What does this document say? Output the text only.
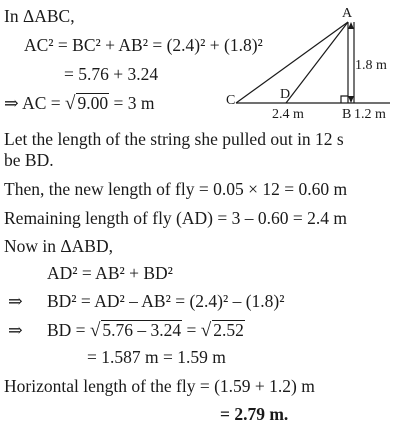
In ΔABC,
AC² = BC² + AB² = (2.4)² + (1.8)²
= 5.76 + 3.24
⇒ AC = √ 9.00 = 3 m
Let the length of the string she pulled out in 12 s
be BD.
Then, the new length of fly = 0.05 × 12 = 0.60 m
Remaining length of fly (AD) = 3 – 0.60 = 2.4 m
Now in ΔABD,
AD² = AB² + BD²
⇒ BD² = AD² – AB² = (2.4)² – (1.8)²
⇒ BD = √ 5.76 – 3.24 = √ 2.52
= 1.587 m = 1.59 m
Horizontal length of the fly = (1.59 + 1.2) m
= 2.79 m.
A
C	D
B
1.8 m
2.4 m	1.2 m
